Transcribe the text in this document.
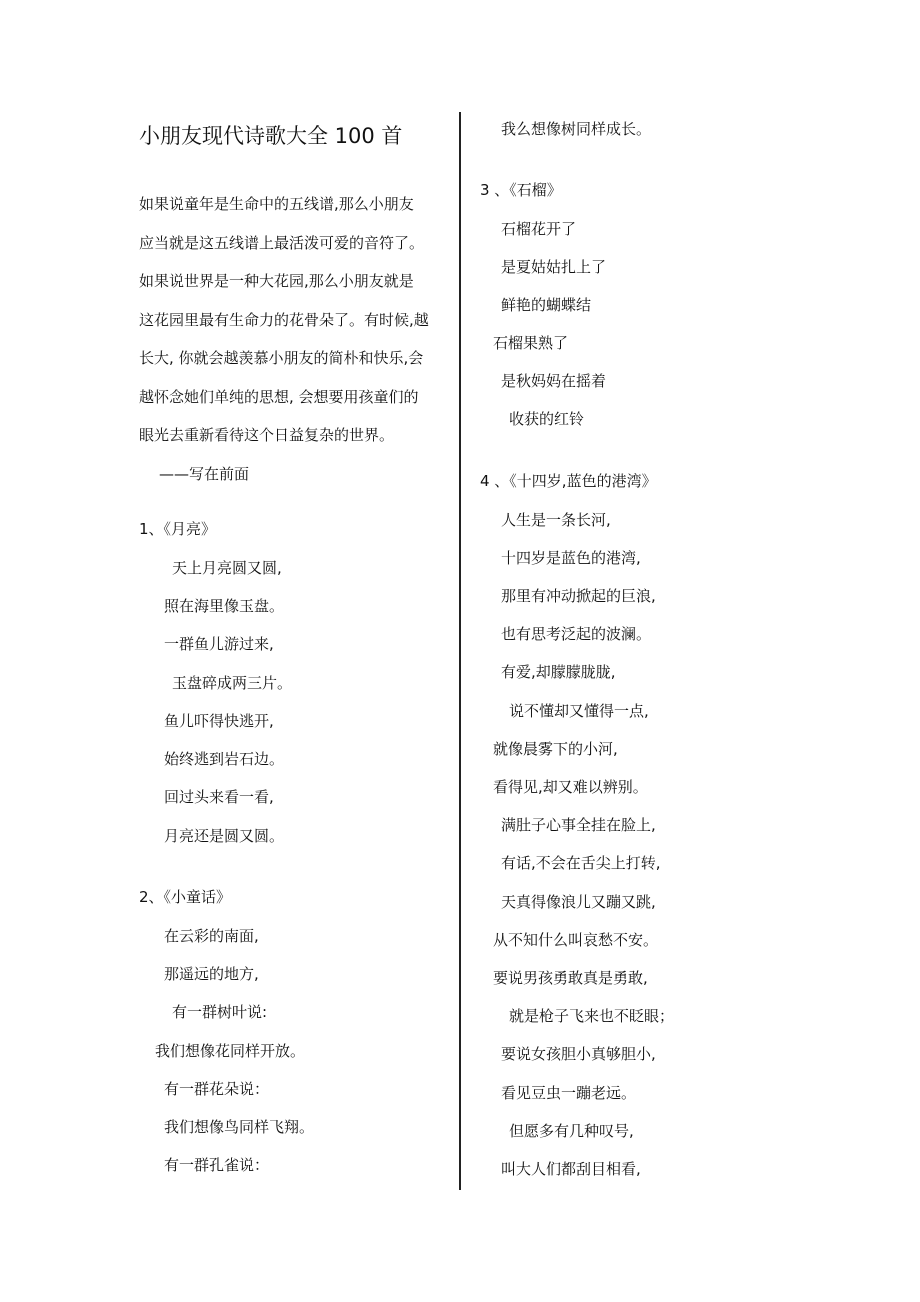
小朋友现代诗歌大全 100 首
如果说童年是生命中的五线谱,那么小朋友
应当就是这五线谱上最活泼可爱的音符了。
如果说世界是一种大花园,那么小朋友就是
这花园里最有生命力的花骨朵了。有时候,越
长大, 你就会越羡慕小朋友的简朴和快乐,会
越怀念她们单纯的思想, 会想要用孩童们的
眼光去重新看待这个日益复杂的世界。
——写在前面
1、《月亮》
天上月亮圆又圆,
照在海里像玉盘。
一群鱼儿游过来,
玉盘碎成两三片。
鱼儿吓得快逃开,
始终逃到岩石边。
回过头来看一看,
月亮还是圆又圆。
2、《小童话》
在云彩的南面,
那遥远的地方,
有一群树叶说:
我们想像花同样开放。
有一群花朵说：
我们想像鸟同样飞翔。
有一群孔雀说：
我么想像树同样成长。
3 、《石榴》
石榴花开了
是夏姑姑扎上了
鲜艳的蝴蝶结
石榴果熟了
是秋妈妈在摇着
收获的红铃
4 、《十四岁,蓝色的港湾》
人生是一条长河,
十四岁是蓝色的港湾,
那里有冲动掀起的巨浪,
也有思考泛起的波澜。
有爱,却朦朦胧胧,
说不懂却又懂得一点,
就像晨雾下的小河,
看得见,却又难以辨别。
满肚子心事全挂在脸上,
有话,不会在舌尖上打转,
天真得像浪儿又蹦又跳,
从不知什么叫哀愁不安。
要说男孩勇敢真是勇敢,
就是枪子飞来也不眨眼；
要说女孩胆小真够胆小,
看见豆虫一蹦老远。
但愿多有几种叹号,
叫大人们都刮目相看,
